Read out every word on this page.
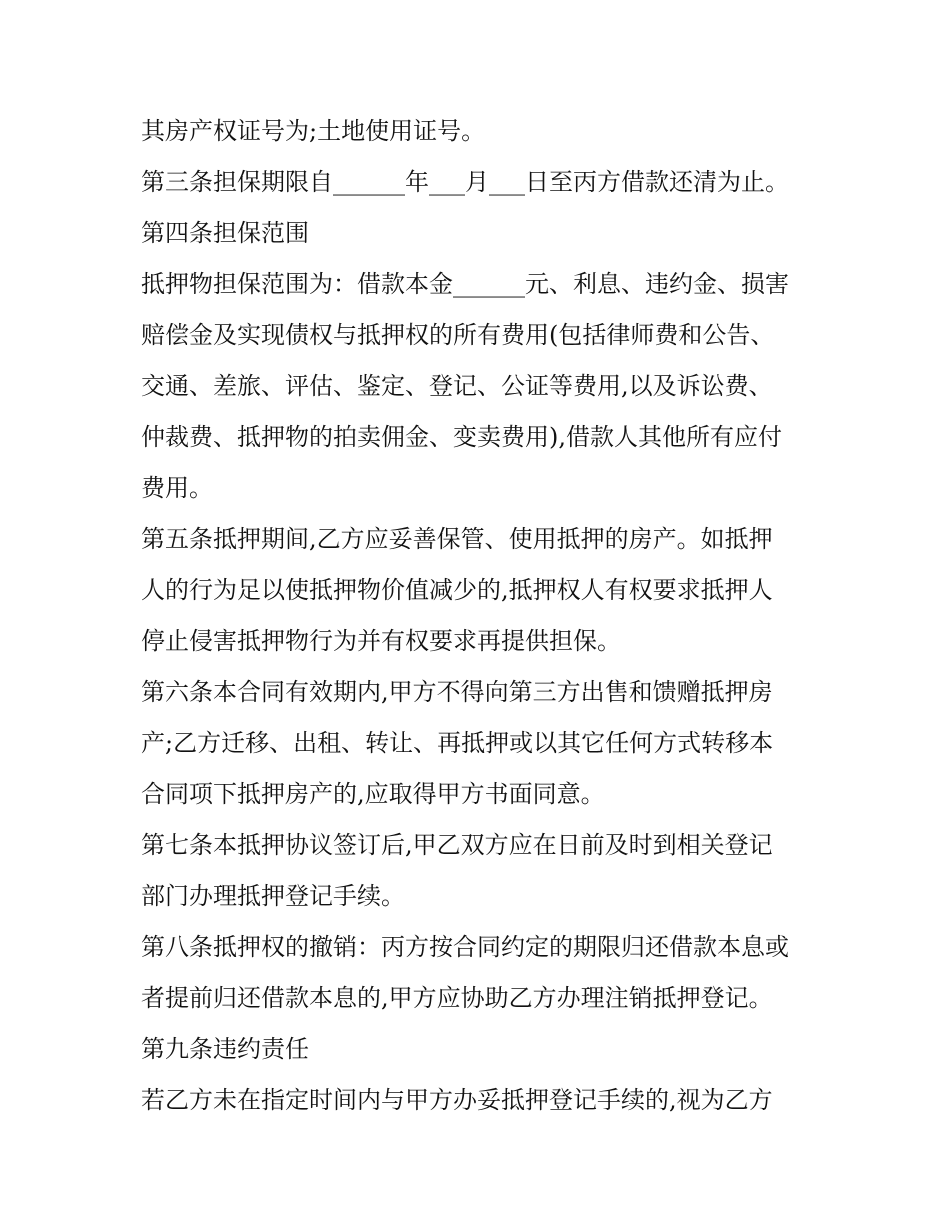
其房产权证号为;土地使用证号。
第三条担保期限自______年___月___日至丙方借款还清为止。
第四条担保范围
抵押物担保范围为：借款本金______元、利息、违约金、损害
赔偿金及实现债权与抵押权的所有费用(包括律师费和公告、
交通、差旅、评估、鉴定、登记、公证等费用,以及诉讼费、
仲裁费、抵押物的拍卖佣金、变卖费用),借款人其他所有应付
费用。
第五条抵押期间,乙方应妥善保管、使用抵押的房产。如抵押
人的行为足以使抵押物价值减少的,抵押权人有权要求抵押人
停止侵害抵押物行为并有权要求再提供担保。
第六条本合同有效期内,甲方不得向第三方出售和馈赠抵押房
产;乙方迁移、出租、转让、再抵押或以其它任何方式转移本
合同项下抵押房产的,应取得甲方书面同意。
第七条本抵押协议签订后,甲乙双方应在日前及时到相关登记
部门办理抵押登记手续。
第八条抵押权的撤销：丙方按合同约定的期限归还借款本息或
者提前归还借款本息的,甲方应协助乙方办理注销抵押登记。
第九条违约责任
若乙方未在指定时间内与甲方办妥抵押登记手续的,视为乙方
